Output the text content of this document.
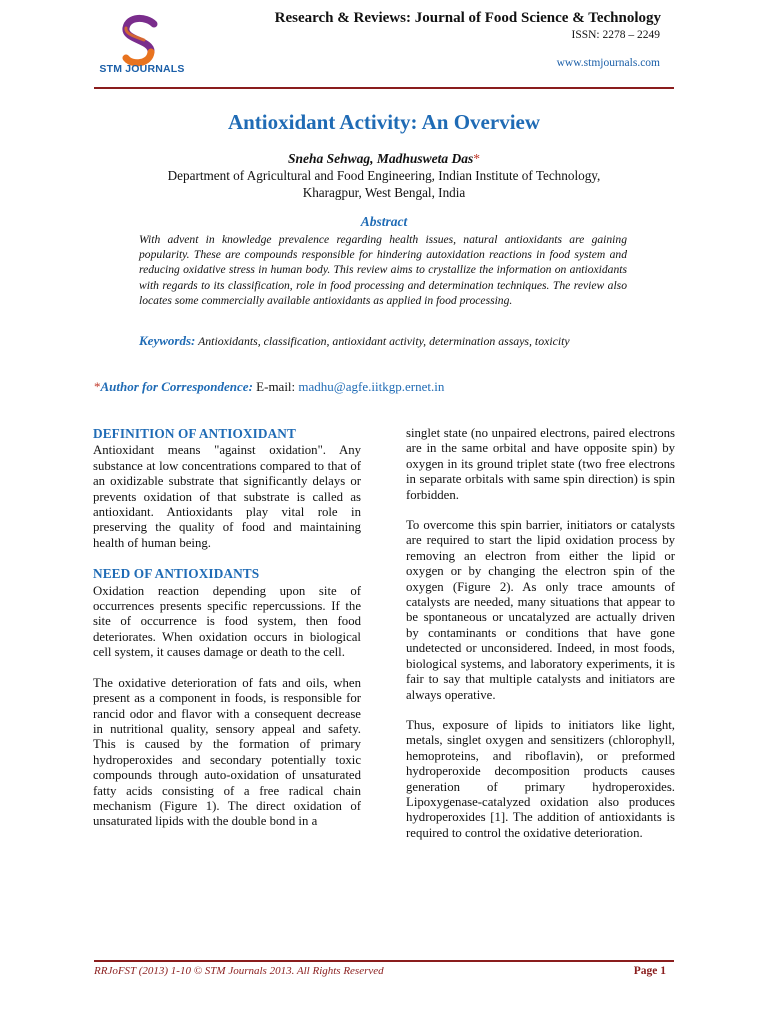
STM JOURNALS
Research & Reviews: Journal of Food Science & Technology
ISSN: 2278 – 2249
www.stmjournals.com
Antioxidant Activity: An Overview
Sneha Sehwag, Madhusweta Das*
Department of Agricultural and Food Engineering, Indian Institute of Technology,
Kharagpur, West Bengal, India
Abstract
With advent in knowledge prevalence regarding health issues, natural antioxidants are gaining popularity. These are compounds responsible for hindering autoxidation reactions in food system and reducing oxidative stress in human body. This review aims to crystallize the information on antioxidants with regards to its classification, role in food processing and determination techniques. The review also locates some commercially available antioxidants as applied in food processing.
Keywords: Antioxidants, classification, antioxidant activity, determination assays, toxicity
*Author for Correspondence: E-mail: madhu@agfe.iitkgp.ernet.in
DEFINITION OF ANTIOXIDANT

Antioxidant means "against oxidation". Any substance at low concentrations compared to that of an oxidizable substrate that significantly delays or prevents oxidation of that substrate is called as antioxidant. Antioxidants play vital role in preserving the quality of food and maintaining health of human being.

NEED OF ANTIOXIDANTS

Oxidation reaction depending upon site of occurrences presents specific repercussions. If the site of occurrence is food system, then food deteriorates. When oxidation occurs in biological cell system, it causes damage or death to the cell.

The oxidative deterioration of fats and oils, when present as a component in foods, is responsible for rancid odor and flavor with a consequent decrease in nutritional quality, sensory appeal and safety. This is caused by the formation of primary hydroperoxides and secondary potentially toxic compounds through auto-oxidation of unsaturated fatty acids consisting of a free radical chain mechanism (Figure 1). The direct oxidation of unsaturated lipids with the double bond in a

singlet state (no unpaired electrons, paired electrons are in the same orbital and have opposite spin) by oxygen in its ground triplet state (two free electrons in separate orbitals with same spin direction) is spin forbidden.

To overcome this spin barrier, initiators or catalysts are required to start the lipid oxidation process by removing an electron from either the lipid or oxygen or by changing the electron spin of the oxygen (Figure 2). As only trace amounts of catalysts are needed, many situations that appear to be spontaneous or uncatalyzed are actually driven by contaminants or conditions that have gone undetected or unconsidered. Indeed, in most foods, biological systems, and laboratory experiments, it is fair to say that multiple catalysts and initiators are always operative.

Thus, exposure of lipids to initiators like light, metals, singlet oxygen and sensitizers (chlorophyll, hemoproteins, and riboflavin), or preformed hydroperoxide decomposition products causes generation of primary hydroperoxides. Lipoxygenase-catalyzed oxidation also produces hydroperoxides [1]. The addition of antioxidants is required to control the oxidative deterioration.

RRJoFST (2013) 1-10 © STM Journals 2013. All Rights Reserved	Page 1
